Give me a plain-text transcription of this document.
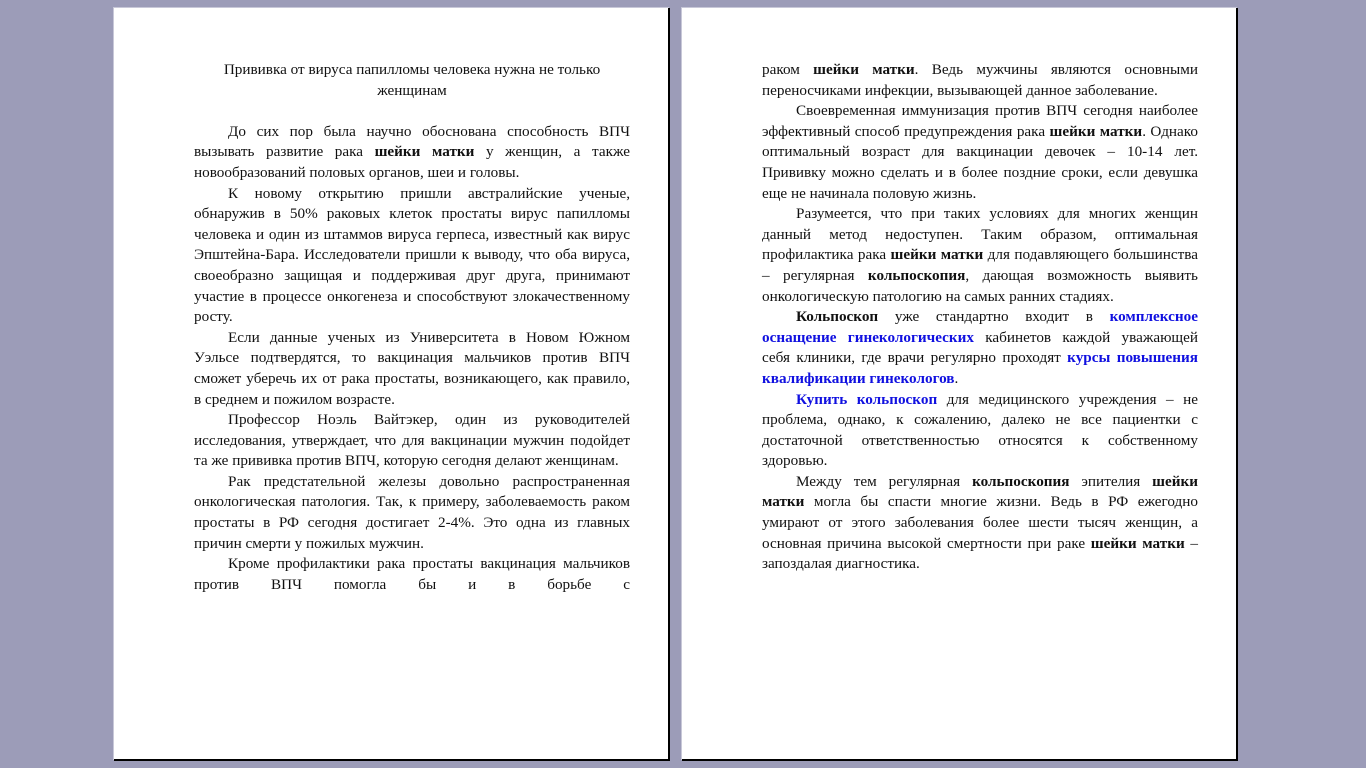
Прививка от вируса папилломы человека нужна не только женщинам

До сих пор была научно обоснована способность ВПЧ вызывать развитие рака шейки матки у женщин, а также новообразований половых органов, шеи и головы.

К новому открытию пришли австралийские ученые, обнаружив в 50% раковых клеток простаты вирус папилломы человека и один из штаммов вируса герпеса, известный как вирус Эпштейна-Бара. Исследователи пришли к выводу, что оба вируса, своеобразно защищая и поддерживая друг друга, принимают участие в процессе онкогенеза и способствуют злокачественному росту.

Если данные ученых из Университета в Новом Южном Уэльсе подтвердятся, то вакцинация мальчиков против ВПЧ сможет уберечь их от рака простаты, возникающего, как правило, в среднем и пожилом возрасте.

Профессор Ноэль Вайтэкер, один из руководителей исследования, утверждает, что для вакцинации мужчин подойдет та же прививка против ВПЧ, которую сегодня делают женщинам.

Рак предстательной железы довольно распространенная онкологическая патология. Так, к примеру, заболеваемость раком простаты в РФ сегодня достигает 2-4%. Это одна из главных причин смерти у пожилых мужчин.

Кроме профилактики рака простаты вакцинация мальчиков против ВПЧ помогла бы и в борьбе с

раком шейки матки. Ведь мужчины являются основными переносчиками инфекции, вызывающей данное заболевание.

Своевременная иммунизация против ВПЧ сегодня наиболее эффективный способ предупреждения рака шейки матки. Однако оптимальный возраст для вакцинации девочек – 10-14 лет. Прививку можно сделать и в более поздние сроки, если девушка еще не начинала половую жизнь.

Разумеется, что при таких условиях для многих женщин данный метод недоступен. Таким образом, оптимальная профилактика рака шейки матки для подавляющего большинства – регулярная кольпоскопия, дающая возможность выявить онкологическую патологию на самых ранних стадиях.

Кольпоскоп уже стандартно входит в комплексное оснащение гинекологических кабинетов каждой уважающей себя клиники, где врачи регулярно проходят курсы повышения квалификации гинекологов.

Купить кольпоскоп для медицинского учреждения – не проблема, однако, к сожалению, далеко не все пациентки с достаточной ответственностью относятся к собственному здоровью.

Между тем регулярная кольпоскопия эпителия шейки матки могла бы спасти многие жизни. Ведь в РФ ежегодно умирают от этого заболевания более шести тысяч женщин, а основная причина высокой смертности при раке шейки матки – запоздалая диагностика.
